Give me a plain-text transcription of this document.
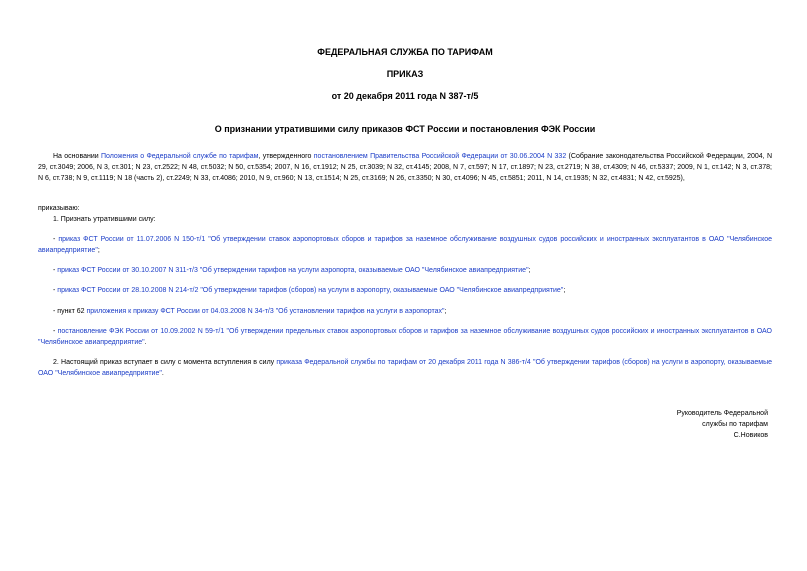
ФЕДЕРАЛЬНАЯ СЛУЖБА ПО ТАРИФАМ
ПРИКАЗ
от 20 декабря 2011 года N 387-т/5
О признании утратившими силу приказов ФСТ России и постановления ФЭК России
На основании Положения о Федеральной службе по тарифам, утвержденного постановлением Правительства Российской Федерации от 30.06.2004 N 332 (Собрание законодательства Российской Федерации, 2004, N 29, ст.3049; 2006, N 3, ст.301; N 23, ст.2522; N 48, ст.5032; N 50, ст.5354; 2007, N 16, ст.1912; N 25, ст.3039; N 32, ст.4145; 2008, N 7, ст.597; N 17, ст.1897; N 23, ст.2719; N 38, ст.4309; N 46, ст.5337; 2009, N 1, ст.142; N 3, ст.378; N 6, ст.738; N 9, ст.1119; N 18 (часть 2), ст.2249; N 33, ст.4086; 2010, N 9, ст.960; N 13, ст.1514; N 25, ст.3169; N 26, ст.3350; N 30, ст.4096; N 45, ст.5851; 2011, N 14, ст.1935; N 32, ст.4831; N 42, ст.5925),
приказываю:
1. Признать утратившими силу:
- приказ ФСТ России от 11.07.2006 N 150-т/1 "Об утверждении ставок аэропортовых сборов и тарифов за наземное обслуживание воздушных судов российских и иностранных эксплуатантов в ОАО "Челябинское авиапредприятие";
- приказ ФСТ России от 30.10.2007 N 311-т/3 "Об утверждении тарифов на услуги аэропорта, оказываемые ОАО "Челябинское авиапредприятие";
- приказ ФСТ России от 28.10.2008 N 214-т/2 "Об утверждении тарифов (сборов) на услуги в аэропорту, оказываемые ОАО "Челябинское авиапредприятие";
- пункт 62 приложения к приказу ФСТ России от 04.03.2008 N 34-т/3 "Об установлении тарифов на услуги в аэропортах";
- постановление ФЭК России от 10.09.2002 N 59-т/1 "Об утверждении предельных ставок аэропортовых сборов и тарифов за наземное обслуживание воздушных судов российских и иностранных эксплуатантов в ОАО "Челябинское авиапредприятие".
2. Настоящий приказ вступает в силу с момента вступления в силу приказа Федеральной службы по тарифам от 20 декабря 2011 года N 386-т/4 "Об утверждении тарифов (сборов) на услуги в аэропорту, оказываемые ОАО "Челябинское авиапредприятие".
Руководитель Федеральной
службы по тарифам
С.Новиков
